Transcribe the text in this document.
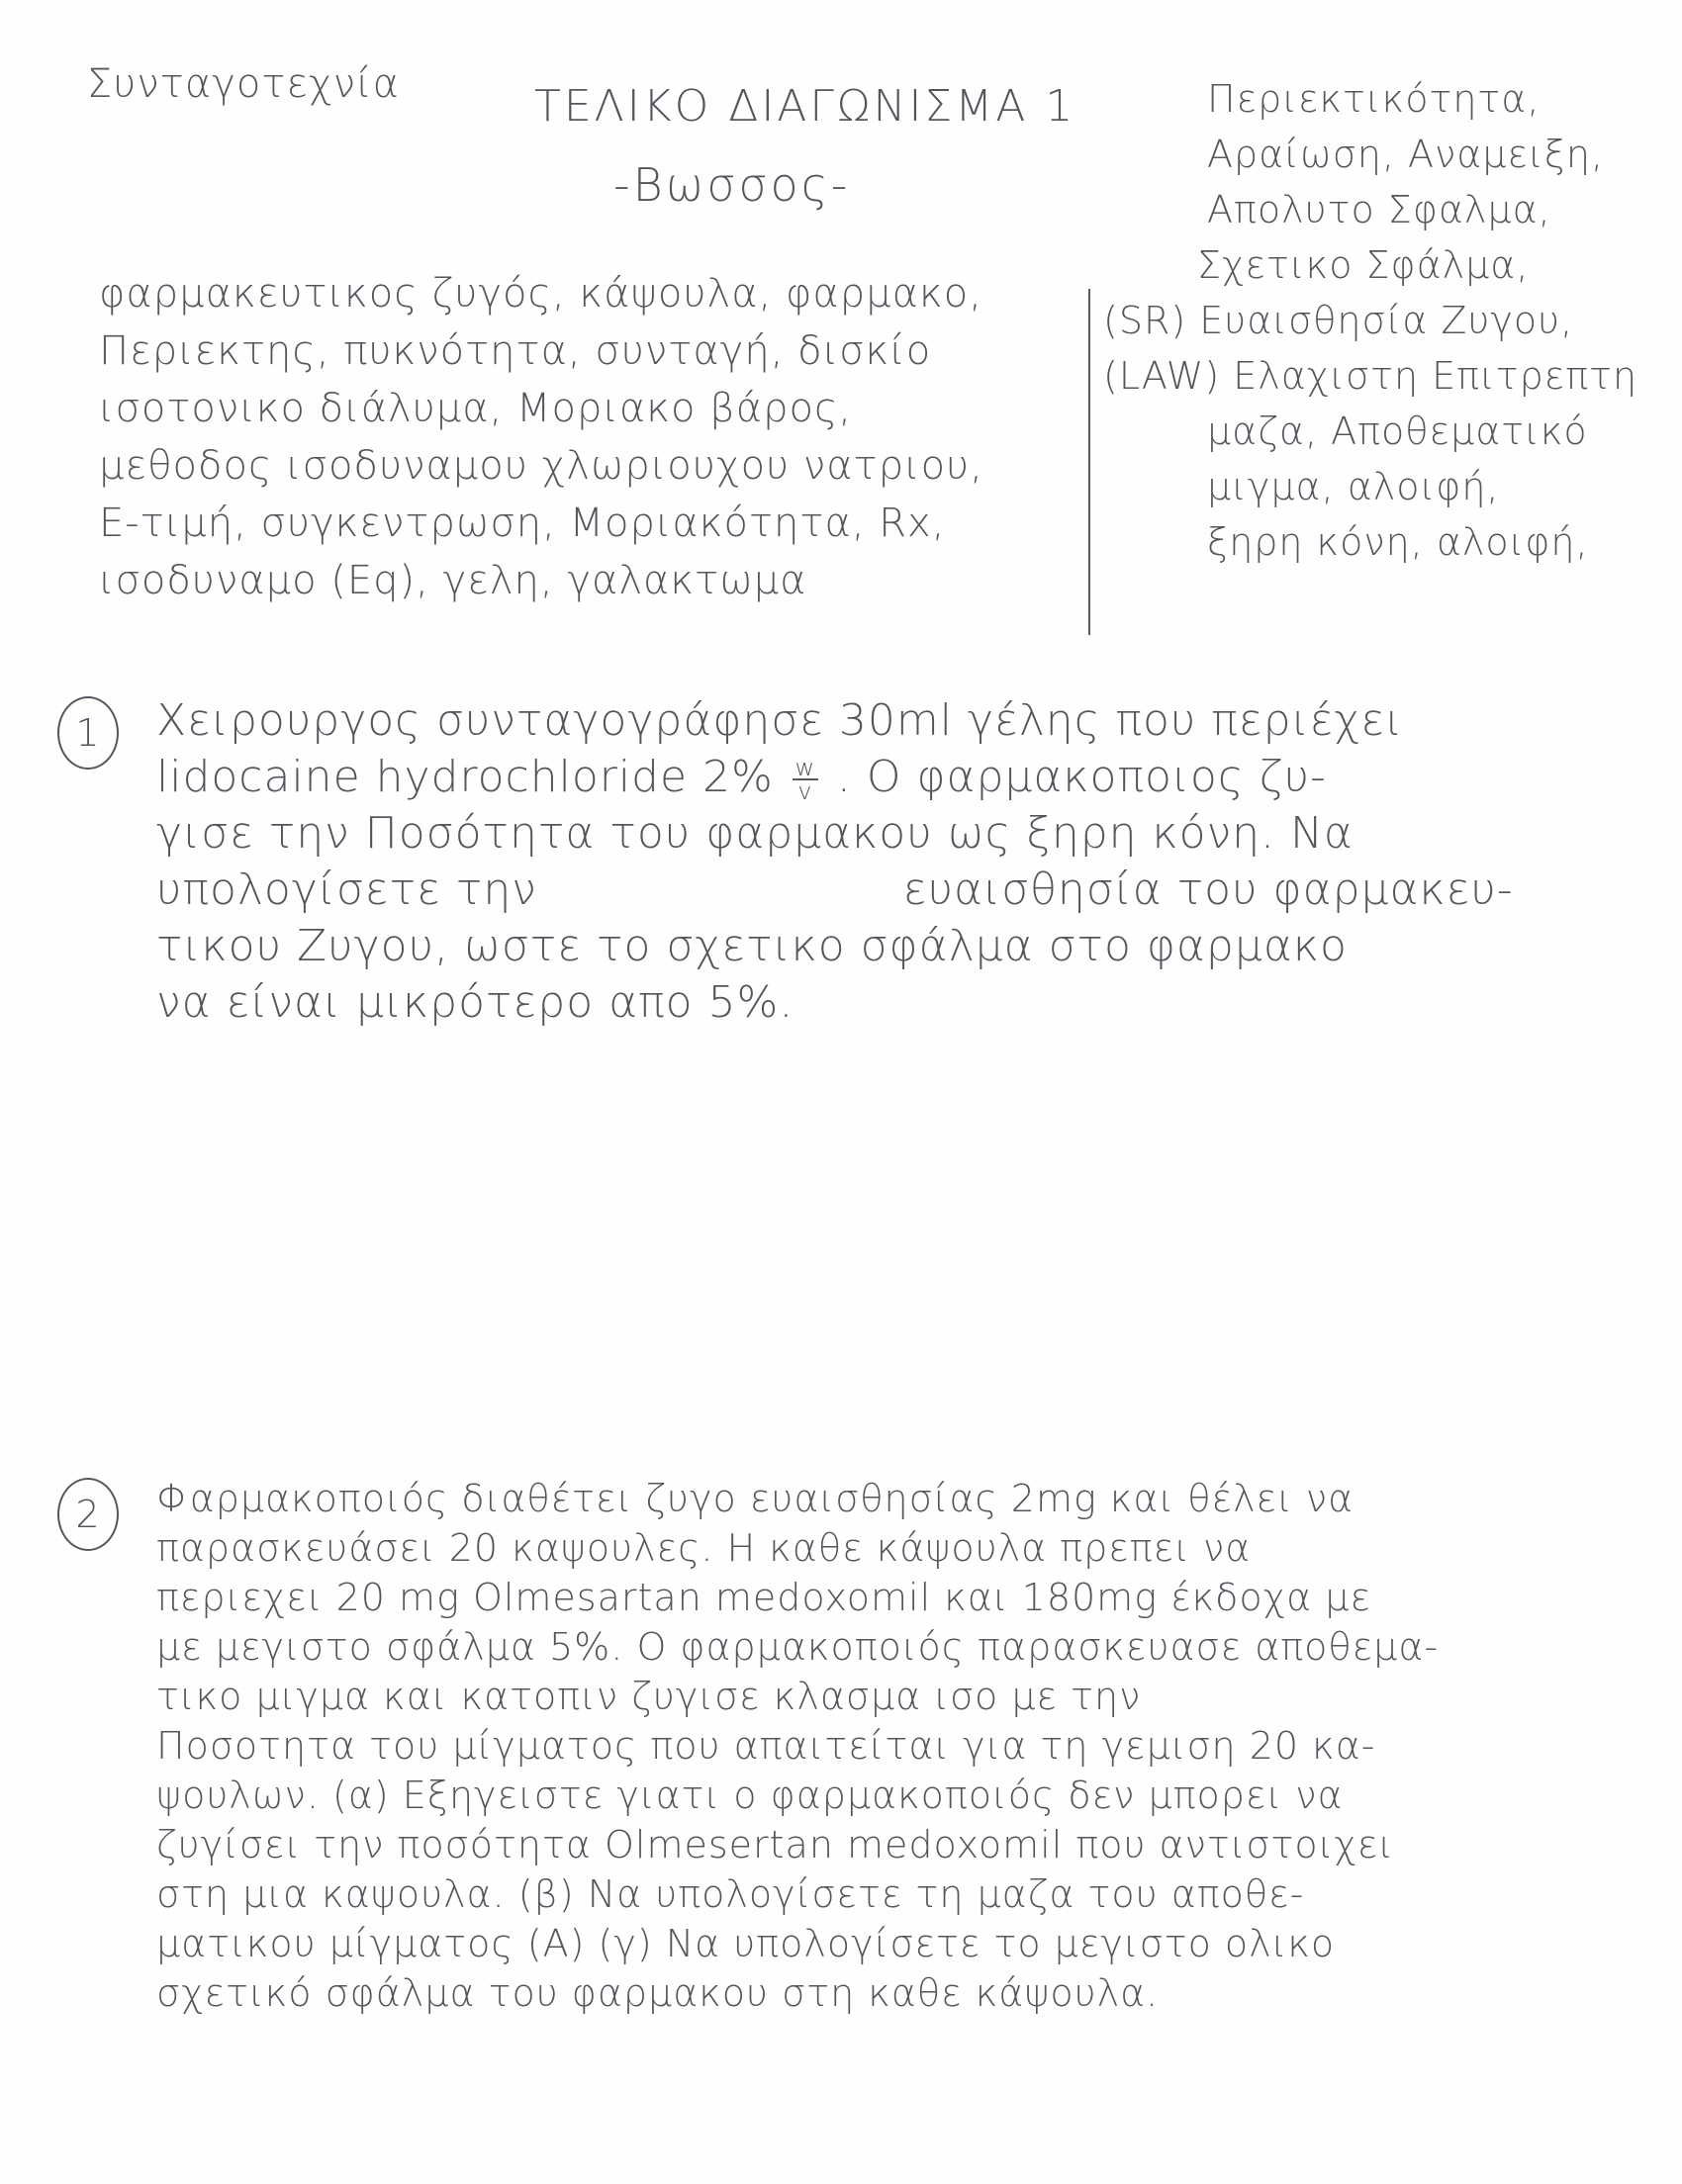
Συνταγοτεχνία	ΤΕΛΙΚΟ ΔΙΑΓΩΝΙΣΜΑ 1
-Βωσσος-
φαρμακευτικος ζυγός, κάψουλα, φαρμακο,
Περιεκτης, πυκνότητα, συνταγή, δισκίο
ισοτονικο διάλυμα, Μοριακο βάρος,
μεθοδος ισοδυναμου χλωριουχου νατριου,
Ε-τιμή, συγκεντρωση, Μοριακότητα, Rx,
ισοδυναμο (Eq), γελη, γαλακτωμα
Περιεκτικότητα,
Αραίωση, Αναμειξη,
Απολυτο Σφαλμα,
Σχετικο Σφάλμα,
(SR) Ευαισθησία Ζυγου,
(LAW) Ελαχιστη Επιτρεπτη
μαζα, Αποθεματικό
μιγμα, αλοιφή,
ξηρη κόνη, αλοιφή,
1	Χειρουργος συνταγογράφησε 30ml γέλης που περιέχει
lidocaine hydrochloride $2\% \frac{w}{v}$ . Ο φαρμακοποιος ζυ-
γισε την Ποσότητα του φαρμακου ως ξηρη κόνη. Να
υπολογίσετε την	ευαισθησία του φαρμακευ-
τικου Ζυγου, ωστε το σχετικο σφάλμα στο φαρμακο
να είναι μικρότερο απο 5%.
2	Φαρμακοποιός διαθέτει ζυγο ευαισθησίας 2mg και θέλει να
παρασκευάσει 20 καψουλες. Η καθε κάψουλα πρεπει να
περιεχει 20 mg Olmesartan medoxomil και 180mg έκδοχα με
με μεγιστο σφάλμα 5%. Ο φαρμακοποιός παρασκευασε αποθεμα-
τικο μιγμα και κατοπιν ζυγισε κλασμα ισο με την
Ποσοτητα του μίγματος που απαιτείται για τη γεμιση 20 κα-
ψουλων. (α) Εξηγειστε γιατι ο φαρμακοποιός δεν μπορει να
ζυγίσει την ποσότητα Olmesertan medoxomil που αντιστοιχει
στη μια καψουλα. (β) Να υπολογίσετε τη μαζα του αποθε-
ματικου μίγματος (Α) (γ) Να υπολογίσετε το μεγιστο ολικο
σχετικό σφάλμα του φαρμακου στη καθε κάψουλα.
